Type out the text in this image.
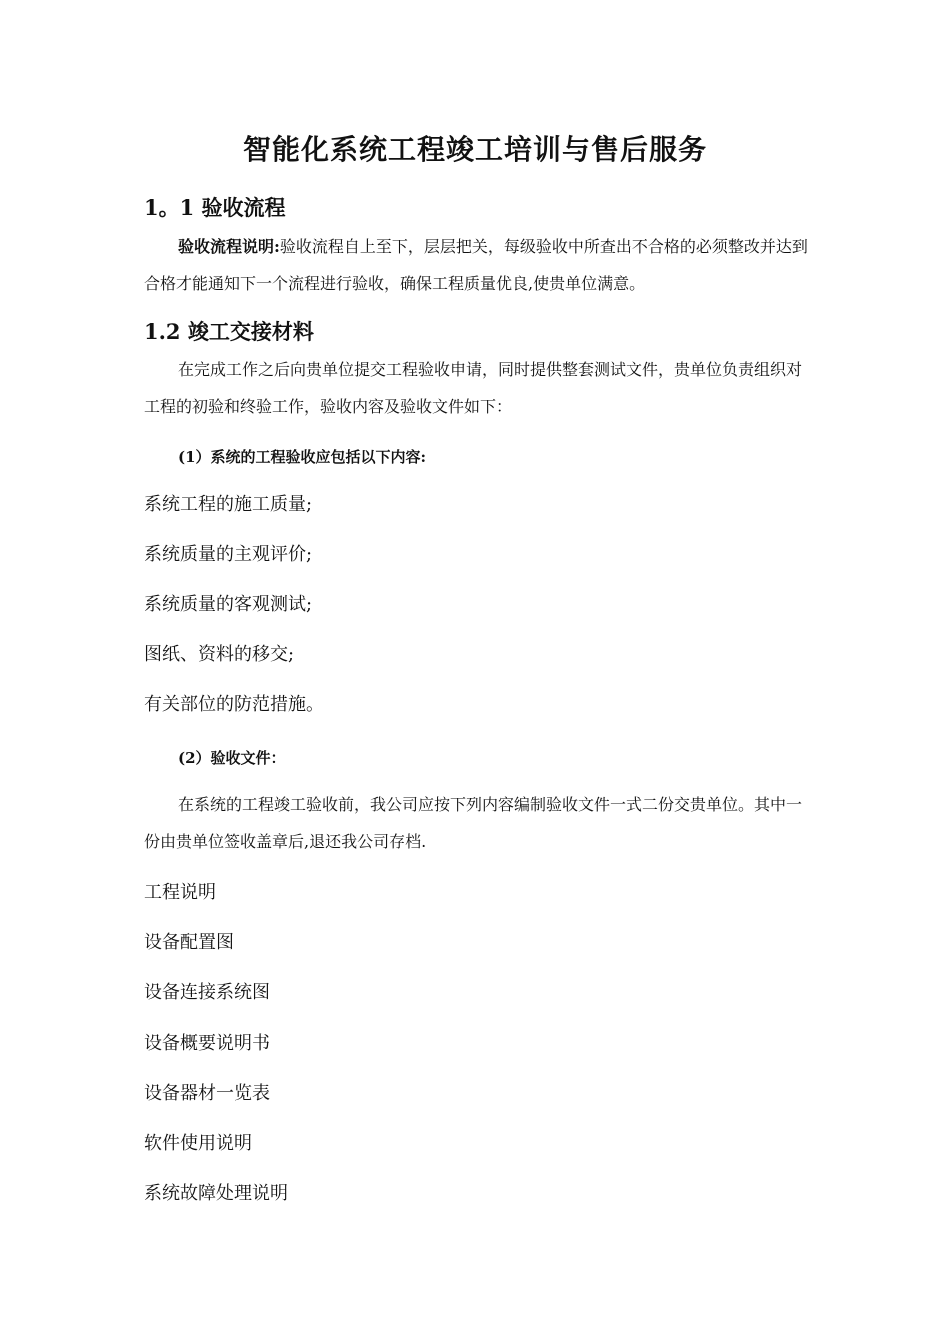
智能化系统工程竣工培训与售后服务
1。1 验收流程

验收流程说明:验收流程自上至下，层层把关，每级验收中所查出不合格的必须整改并达到合格才能通知下一个流程进行验收，确保工程质量优良,使贵单位满意。

1.2 竣工交接材料

在完成工作之后向贵单位提交工程验收申请，同时提供整套测试文件，贵单位负责组织对工程的初验和终验工作，验收内容及验收文件如下：

(1）系统的工程验收应包括以下内容:
系统工程的施工质量;
系统质量的主观评价;
系统质量的客观测试;
图纸、资料的移交;
有关部位的防范措施。
(2）验收文件：

在系统的工程竣工验收前，我公司应按下列内容编制验收文件一式二份交贵单位。其中一份由贵单位签收盖章后,退还我公司存档.

工程说明
设备配置图
设备连接系统图
设备概要说明书
设备器材一览表
软件使用说明
系统故障处理说明
